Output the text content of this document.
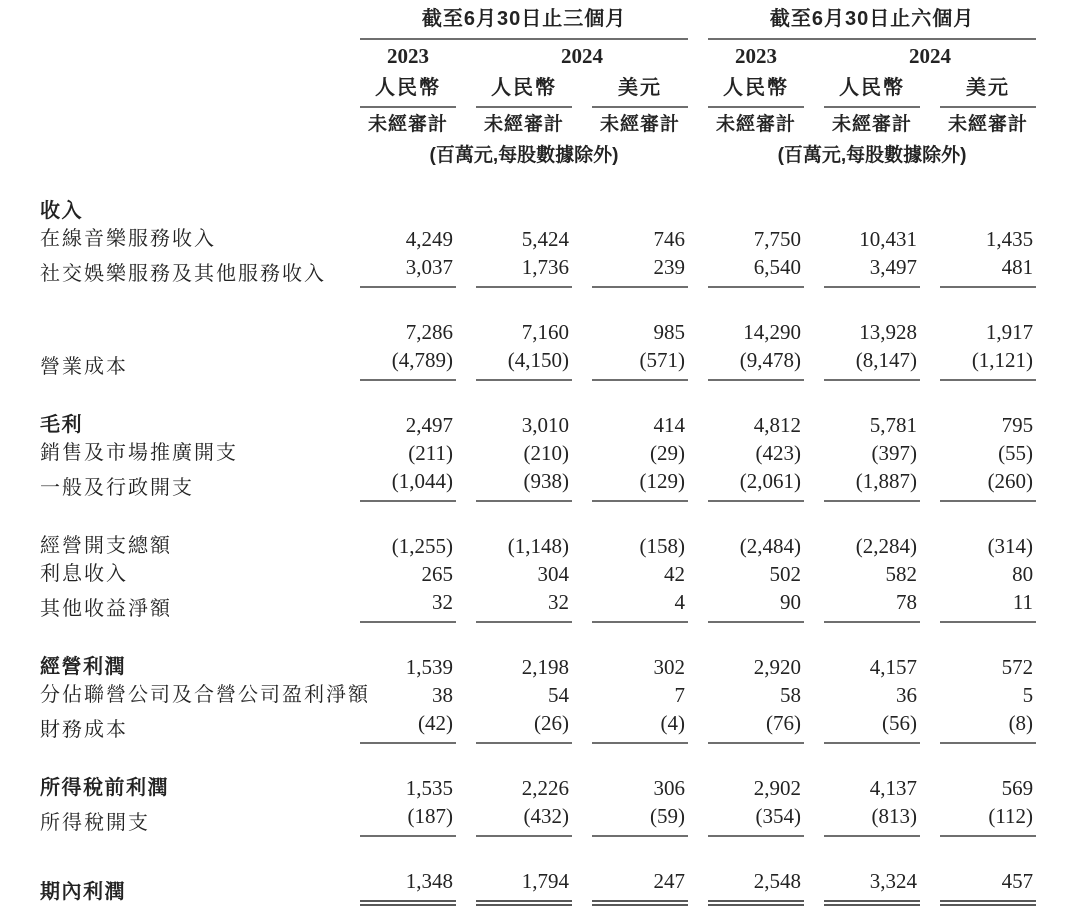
	截至6月30日止三個月			截至6月30日止六個月		
	2023	2024		2023	2024	
	人民幣	人民幣	美元	人民幣	人民幣	美元
	未經審計	未經審計	未經審計	未經審計	未經審計	未經審計
	(百萬元,每股數據除外)			(百萬元,每股數據除外)		

收入						
在線音樂服務收入	4,249	5,424	746	7,750	10,431	1,435
社交娛樂服務及其他服務收入	3,037	1,736	239	6,540	3,497	481

	7,286	7,160	985	14,290	13,928	1,917
營業成本	(4,789)	(4,150)	(571)	(9,478)	(8,147)	(1,121)

毛利	2,497	3,010	414	4,812	5,781	795
銷售及市場推廣開支	(211)	(210)	(29)	(423)	(397)	(55)
一般及行政開支	(1,044)	(938)	(129)	(2,061)	(1,887)	(260)

經營開支總額	(1,255)	(1,148)	(158)	(2,484)	(2,284)	(314)
利息收入	265	304	42	502	582	80
其他收益淨額	32	32	4	90	78	11

經營利潤	1,539	2,198	302	2,920	4,157	572
分佔聯營公司及合營公司盈利淨額	38	54	7	58	36	5
財務成本	(42)	(26)	(4)	(76)	(56)	(8)

所得稅前利潤	1,535	2,226	306	2,902	4,137	569
所得稅開支	(187)	(432)	(59)	(354)	(813)	(112)

期內利潤	1,348	1,794	247	2,548	3,324	457
